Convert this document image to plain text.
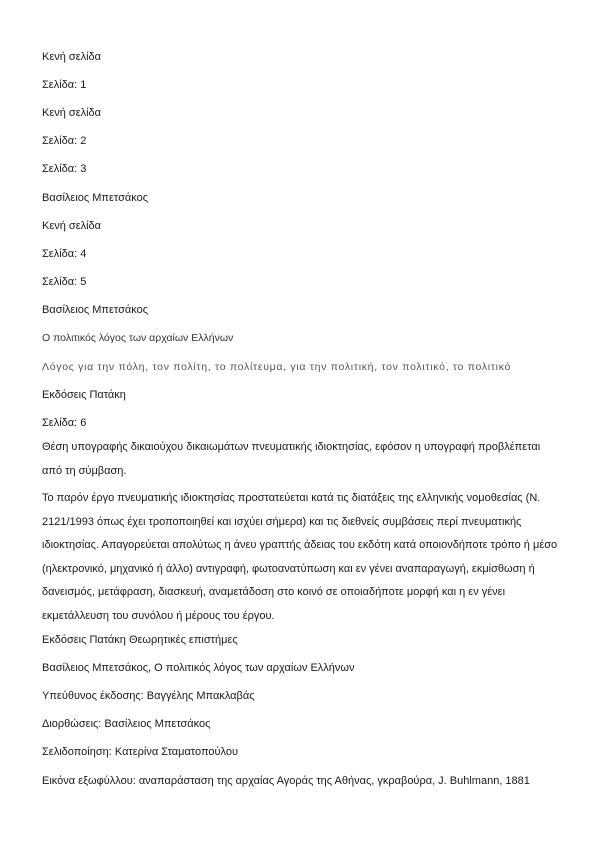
Κενή σελίδα
Σελίδα: 1
Κενή σελίδα
Σελίδα: 2
Σελίδα: 3
Βασίλειος Μπετσάκος
Κενή σελίδα
Σελίδα: 4
Σελίδα: 5
Βασίλειος Μπετσάκος
Ο πολιτικός λόγος των αρχαίων Ελλήνων
Λόγος για την πόλη, τον πολίτη, το πολίτευμα, για την πολιτική, τον πολιτικό, το πολιτικό
Εκδόσεις Πατάκη
Σελίδα: 6
Θέση υπογραφής δικαιούχου δικαιωμάτων πνευματικής ιδιοκτησίας, εφόσον η υπογραφή προβλέπεται από τη σύμβαση.
Το παρόν έργο πνευματικής ιδιοκτησίας προστατεύεται κατά τις διατάξεις της ελληνικής νομοθεσίας (Ν. 2121/1993 όπως έχει τροποποιηθεί και ισχύει σήμερα) και τις διεθνείς συμβάσεις περί πνευματικής ιδιοκτησίας. Απαγορεύεται απολύτως η άνευ γραπτής άδειας του εκδότη κατά οποιονδήποτε τρόπο ή μέσο (ηλεκτρονικό, μηχανικό ή άλλο) αντιγραφή, φωτοανατύπωση και εν γένει αναπαραγωγή, εκμίσθωση ή δανεισμός, μετάφραση, διασκευή, αναμετάδοση στο κοινό σε οποιαδήποτε μορφή και η εν γένει εκμετάλλευση του συνόλου ή μέρους του έργου.
Εκδόσεις Πατάκη Θεωρητικές επιστήμες
Βασίλειος Μπετσάκος, Ο πολιτικός λόγος των αρχαίων Ελλήνων
Υπεύθυνος έκδοσης: Βαγγέλης Μπακλαβάς
Διορθώσεις: Βασίλειος Μπετσάκος
Σελιδοποίηση: Κατερίνα Σταματοπούλου
Εικόνα εξωφύλλου: αναπαράσταση της αρχαίας Αγοράς της Αθήνας, γκραβούρα, J. Buhlmann, 1881
